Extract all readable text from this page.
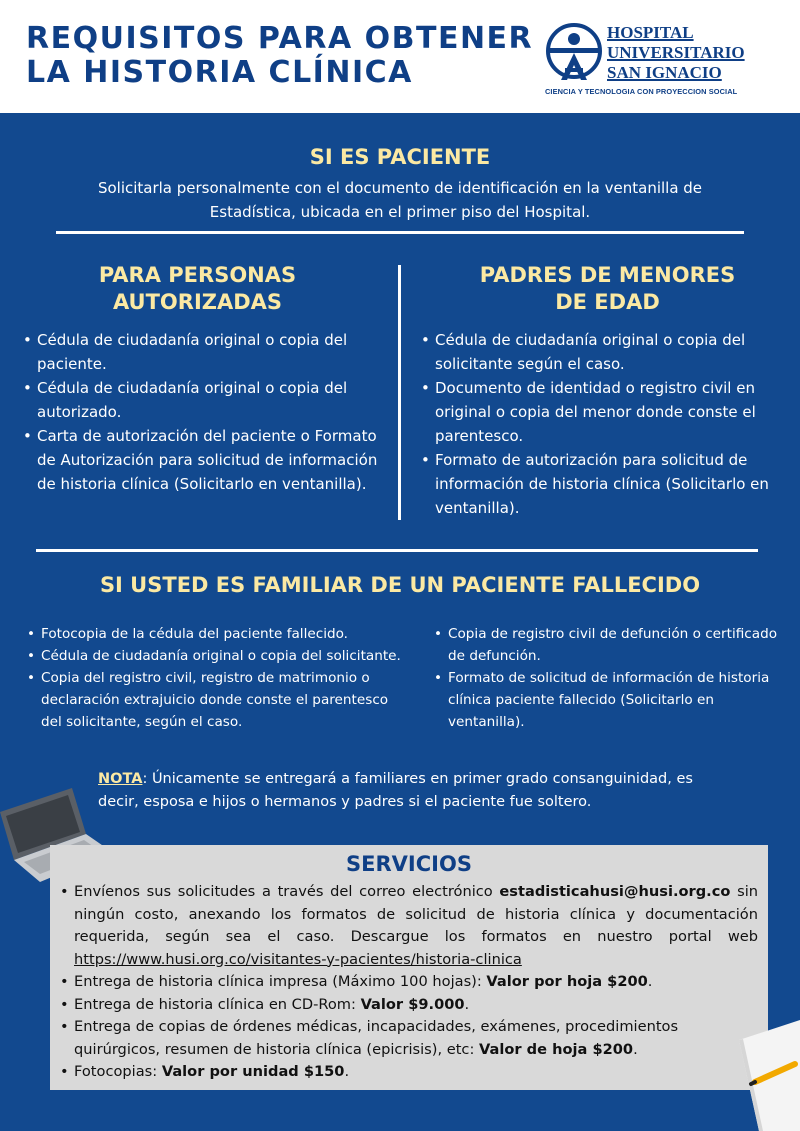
REQUISITOS PARA OBTENER
LA HISTORIA CLÍNICA
HOSPITAL
UNIVERSITARIO
SAN IGNACIO
CIENCIA Y TECNOLOGIA CON PROYECCION SOCIAL
SI ES PACIENTE

Solicitarla personalmente con el documento de identificación en la ventanilla de
Estadística, ubicada en el primer piso del Hospital.

PARA PERSONAS
AUTORIZADAS
PADRES DE MENORES
DE EDAD
• Cédula de ciudadanía original o copia del paciente.
• Cédula de ciudadanía original o copia del autorizado.
• Carta de autorización del paciente o Formato de Autorización para solicitud de información de historia clínica (Solicitarlo en ventanilla).
• Cédula de ciudadanía original o copia del solicitante según el caso.
• Documento de identidad o registro civil en original o copia del menor donde conste el parentesco.
• Formato de autorización para solicitud de información de historia clínica (Solicitarlo en ventanilla).
SI USTED ES FAMILIAR DE UN PACIENTE FALLECIDO
• Fotocopia de la cédula del paciente fallecido.
• Cédula de ciudadanía original o copia del solicitante.
• Copia del registro civil, registro de matrimonio o declaración extrajuicio donde conste el parentesco del solicitante, según el caso.
• Copia de registro civil de defunción o certificado de defunción.
• Formato de solicitud de información de historia clínica paciente fallecido (Solicitarlo en ventanilla).

NOTA: Únicamente se entregará a familiares en primer grado consanguinidad, es decir, esposa e hijos o hermanos y padres si el paciente fue soltero.

SERVICIOS
• Envíenos sus solicitudes a través del correo electrónico estadisticahusi@husi.org.co sin ningún costo, anexando los formatos de solicitud de historia clínica y documentación requerida, según sea el caso. Descargue los formatos en nuestro portal web https://www.husi.org.co/visitantes-y-pacientes/historia-clinica
• Entrega de historia clínica impresa (Máximo 100 hojas): Valor por hoja $200.
• Entrega de historia clínica en CD-Rom: Valor $9.000.
• Entrega de copias de órdenes médicas, incapacidades, exámenes, procedimientos quirúrgicos, resumen de historia clínica (epicrisis), etc: Valor de hoja $200.
• Fotocopias: Valor por unidad $150.
